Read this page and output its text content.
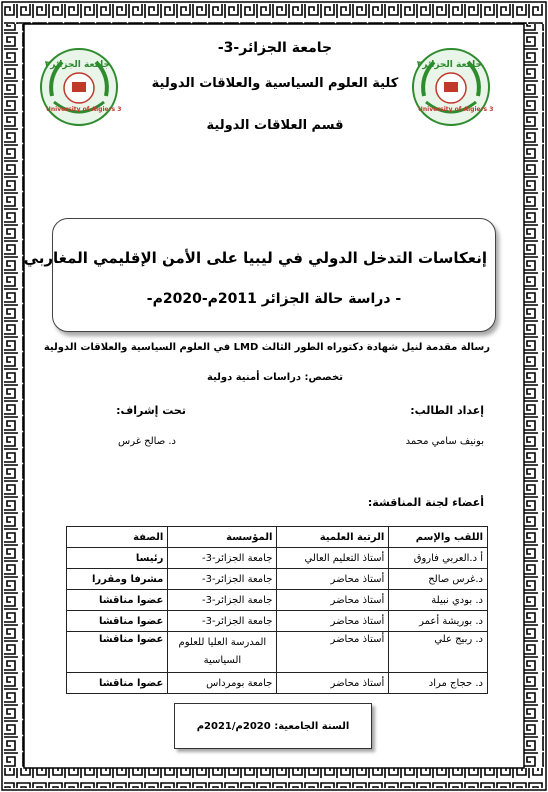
جامعة الجزائر-3-
كلية العلوم السياسية والعلاقات الدولية
قسم العلاقات الدولية
جامعة الجزائر٣
University of Algiers 3
جامعة الجزائر٣
University of Algiers 3
إنعكاسات التدخل الدولي في ليبيا على الأمن الإقليمي المغاربي
- دراسة حالة الجزائر 2011م-2020م-
رسالة مقدمة لنيل شهادة دكتوراه الطور الثالث LMD في العلوم السياسية والعلاقات الدولية
تخصص: دراسات أمنية دولية
إعداد الطالب:
تحت إشراف:
بونيف سامي محمد
د. صالح غرس
أعضاء لجنة المناقشة:
اللقب والإسم	الرتبة العلمية	المؤسسة	الصفة
أ د.العربي فاروق	أستاذ التعليم العالي	جامعة الجزائر-3-	رئيسا
د.غرس صالح	أستاذ محاضر	جامعة الجزائر-3-	مشرفا ومقررا
د. بودي نبيلة	أستاذ محاضر	جامعة الجزائر-3-	عضوا مناقشا
د. بوريشة أعمر	أستاذ محاضر	جامعة الجزائر-3-	عضوا مناقشا
د. ربيج علي	أستاذ محاضر	المدرسة العليا للعلوم السياسية	عضوا مناقشا
د. حجاج مراد	أستاذ محاضر	جامعة بومرداس	عضوا مناقشا
السنة الجامعية: 2020م/2021م
